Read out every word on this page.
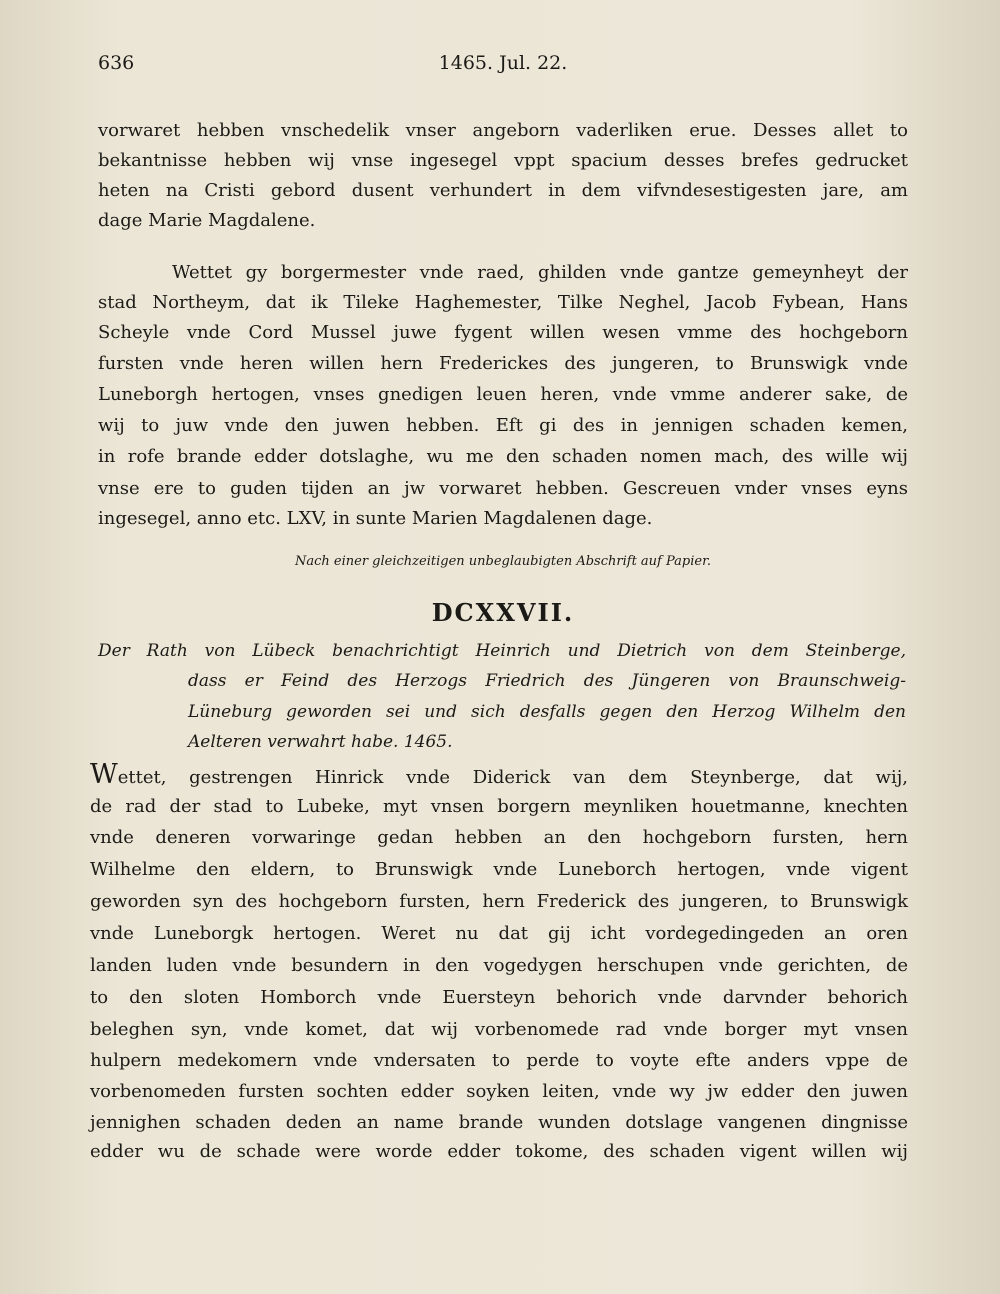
636	1465. Jul. 22.
vorwaret hebben vnschedelik vnser angeborn vaderliken erue. Desses allet to
bekantnisse hebben wij vnse ingesegel vppt spacium desses brefes gedrucket
heten na Cristi gebord dusent verhundert in dem vifvndesestigesten jare, am
dage Marie Magdalene.
Wettet gy borgermester vnde raed, ghilden vnde gantze gemeynheyt der
stad Northeym, dat ik Tileke Haghemester, Tilke Neghel, Jacob Fybean, Hans
Scheyle vnde Cord Mussel juwe fygent willen wesen vmme des hochgeborn
fursten vnde heren willen hern Frederickes des jungeren, to Brunswigk vnde
Luneborgh hertogen, vnses gnedigen leuen heren, vnde vmme anderer sake, de
wij to juw vnde den juwen hebben. Eft gi des in jennigen schaden kemen,
in rofe brande edder dotslaghe, wu me den schaden nomen mach, des wille wij
vnse ere to guden tijden an jw vorwaret hebben. Gescreuen vnder vnses eyns
ingesegel, anno etc. LXV, in sunte Marien Magdalenen dage.
Nach einer gleichzeitigen unbeglaubigten Abschrift auf Papier.
DCXXVII.
Der Rath von Lübeck benachrichtigt Heinrich und Dietrich von dem Steinberge,
dass er Feind des Herzogs Friedrich des Jüngeren von Braunschweig-
Lüneburg geworden sei und sich desfalls gegen den Herzog Wilhelm den
Aelteren verwahrt habe. 1465.
Wettet, gestrengen Hinrick vnde Diderick van dem Steynberge, dat wij,
de rad der stad to Lubeke, myt vnsen borgern meynliken houetmanne, knechten
vnde deneren vorwaringe gedan hebben an den hochgeborn fursten, hern
Wilhelme den eldern, to Brunswigk vnde Luneborch hertogen, vnde vigent
geworden syn des hochgeborn fursten, hern Frederick des jungeren, to Brunswigk
vnde Luneborgk hertogen. Weret nu dat gij icht vordegedingeden an oren
landen luden vnde besundern in den vogedygen herschupen vnde gerichten, de
to den sloten Homborch vnde Euersteyn behorich vnde darvnder behorich
beleghen syn, vnde komet, dat wij vorbenomede rad vnde borger myt vnsen
hulpern medekomern vnde vndersaten to perde to voyte efte anders vppe de
vorbenomeden fursten sochten edder soyken leiten, vnde wy jw edder den juwen
jennighen schaden deden an name brande wunden dotslage vangenen dingnisse
edder wu de schade were worde edder tokome, des schaden vigent willen wij
